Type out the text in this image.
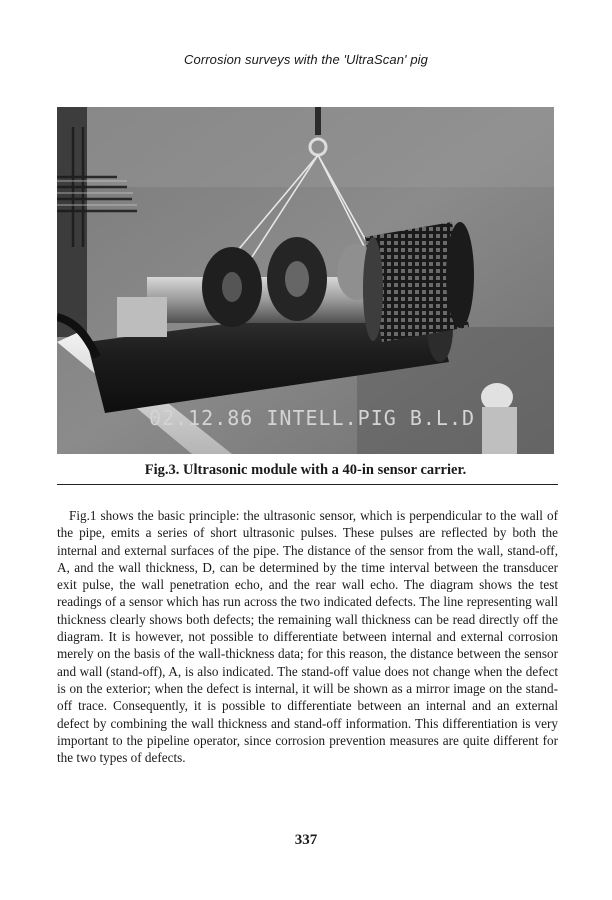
Corrosion surveys with the 'UltraScan' pig
02.12.86 INTELL.PIG B.L.D
Fig.3. Ultrasonic module with a 40-in sensor carrier.

Fig.1 shows the basic principle: the ultrasonic sensor, which is perpendicular to the wall of the pipe, emits a series of short ultrasonic pulses. These pulses are reflected by both the internal and external surfaces of the pipe. The distance of the sensor from the wall, stand-off, A, and the wall thickness, D, can be determined by the time interval between the transducer exit pulse, the wall penetration echo, and the rear wall echo. The diagram shows the test readings of a sensor which has run across the two indicated defects. The line representing wall thickness clearly shows both defects; the remaining wall thickness can be read directly off the diagram. It is however, not possible to differentiate between internal and external corrosion merely on the basis of the wall-thickness data; for this reason, the distance between the sensor and wall (stand-off), A, is also indicated. The stand-off value does not change when the defect is on the exterior; when the defect is internal, it will be shown as a mirror image on the stand-off trace. Consequently, it is possible to differentiate between an internal and an external defect by combining the wall thickness and stand-off information. This differentiation is very important to the pipeline operator, since corrosion prevention measures are quite different for the two types of defects.

337
